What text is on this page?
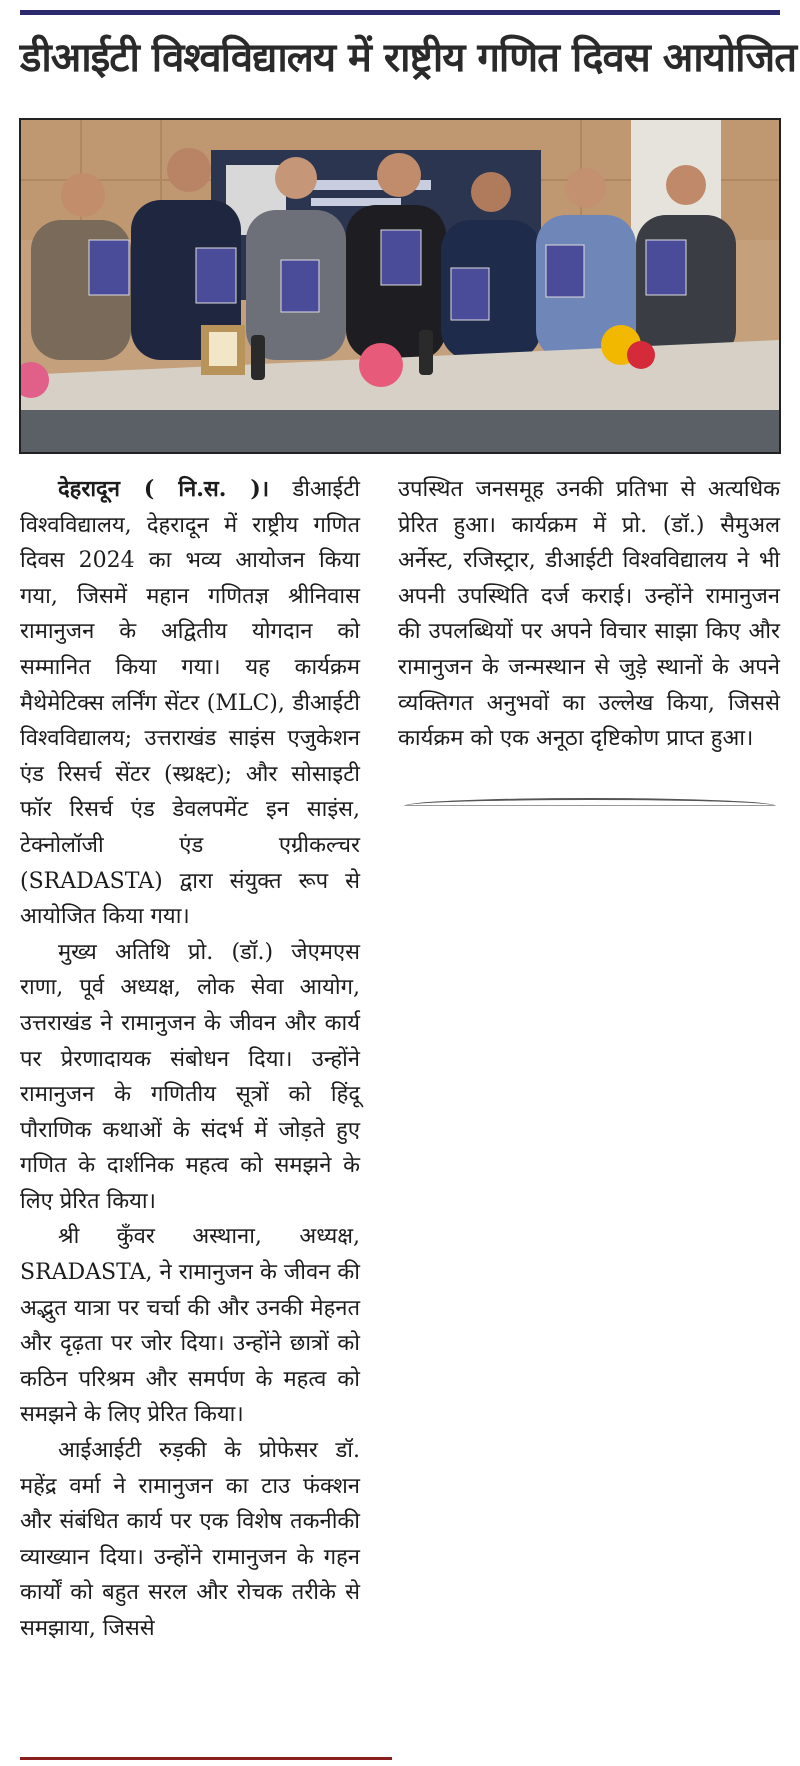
डीआईटी विश्वविद्यालय में राष्ट्रीय गणित दिवस आयोजित

देहरादून ( नि.स. )। डीआईटी विश्वविद्यालय, देहरादून में राष्ट्रीय गणित दिवस 2024 का भव्य आयोजन किया गया, जिसमें महान गणितज्ञ श्रीनिवास रामानुजन के अद्वितीय योगदान को सम्मानित किया गया। यह कार्यक्रम मैथेमेटिक्स लर्निंग सेंटर (MLC), डीआईटी विश्वविद्यालय; उत्तराखंड साइंस एजुकेशन एंड रिसर्च सेंटर (स्थ्रक्ष्ट); और सोसाइटी फॉर रिसर्च एंड डेवलपमेंट इन साइंस, टेक्नोलॉजी एंड एग्रीकल्चर (SRADASTA) द्वारा संयुक्त रूप से आयोजित किया गया।

मुख्य अतिथि प्रो. (डॉ.) जेएमएस राणा, पूर्व अध्यक्ष, लोक सेवा आयोग, उत्तराखंड ने रामानुजन के जीवन और कार्य पर प्रेरणादायक संबोधन दिया। उन्होंने रामानुजन के गणितीय सूत्रों को हिंदू पौराणिक कथाओं के संदर्भ में जोड़ते हुए गणित के दार्शनिक महत्व को समझने के लिए प्रेरित किया।

श्री कुँवर अस्थाना, अध्यक्ष, SRADASTA, ने रामानुजन के जीवन की अद्भुत यात्रा पर चर्चा की और उनकी मेहनत और दृढ़ता पर जोर दिया। उन्होंने छात्रों को कठिन परिश्रम और समर्पण के महत्व को समझने के लिए प्रेरित किया।

आईआईटी रुड़की के प्रोफेसर डॉ. महेंद्र वर्मा ने रामानुजन का टाउ फंक्शन और संबंधित कार्य पर एक विशेष तकनीकी व्याख्यान दिया। उन्होंने रामानुजन के गहन कार्यों को बहुत सरल और रोचक तरीके से समझाया, जिससे

उपस्थित जनसमूह उनकी प्रतिभा से अत्यधिक प्रेरित हुआ। कार्यक्रम में प्रो. (डॉ.) सैमुअल अर्नेस्ट, रजिस्ट्रार, डीआईटी विश्वविद्यालय ने भी अपनी उपस्थिति दर्ज कराई। उन्होंने रामानुजन की उपलब्धियों पर अपने विचार साझा किए और रामानुजन के जन्मस्थान से जुड़े स्थानों के अपने व्यक्तिगत अनुभवों का उल्लेख किया, जिससे कार्यक्रम को एक अनूठा दृष्टिकोण प्राप्त हुआ।
